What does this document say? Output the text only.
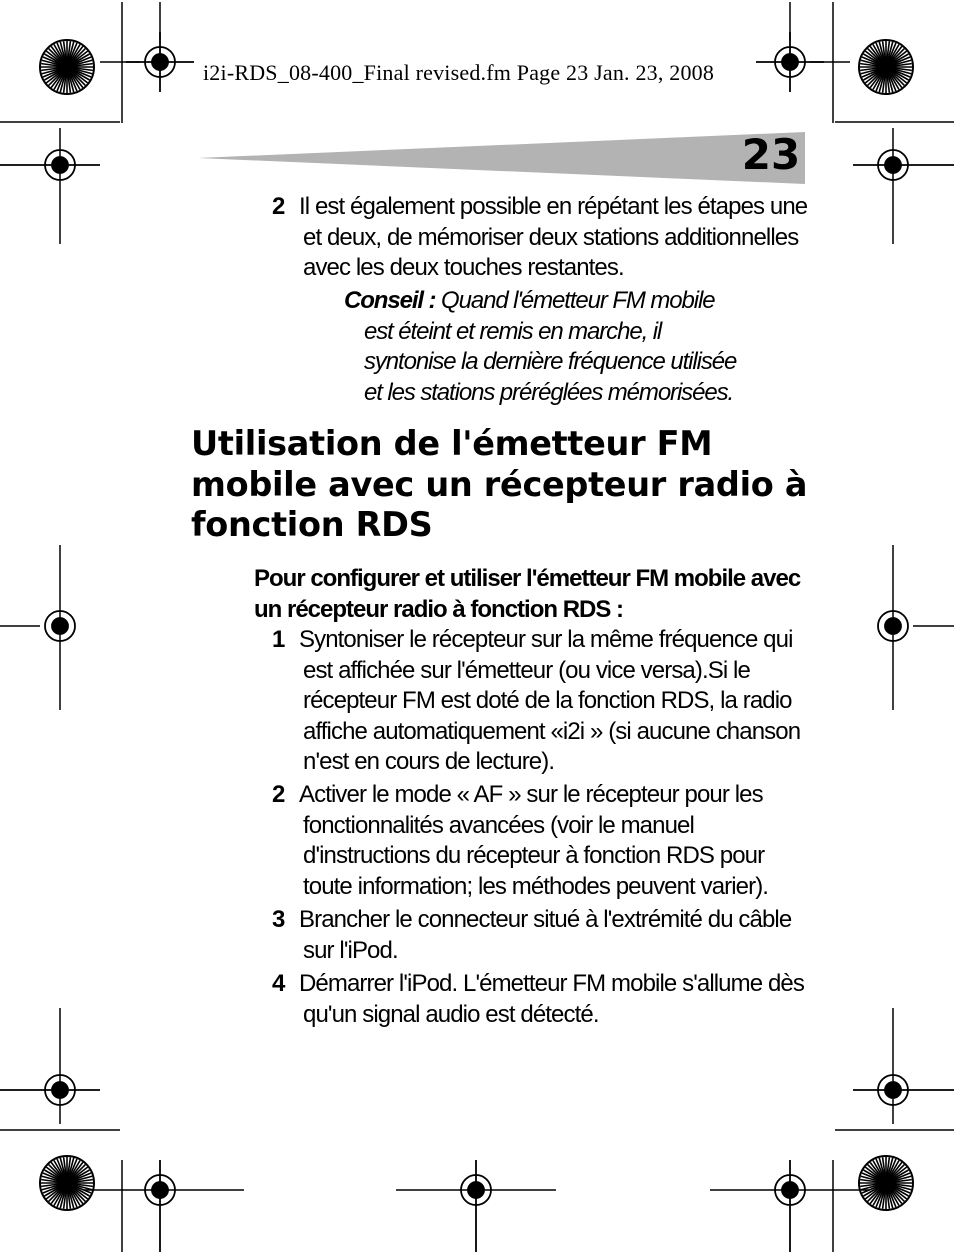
i2i-RDS_08-400_Final revised.fm Page 23 Jan. 23, 2008
23
2 Il est également possible en répétant les étapes une et deux, de mémoriser deux stations additionnelles avec les deux touches restantes.
Conseil : Quand l'émetteur FM mobile est éteint et remis en marche, il syntonise la dernière fréquence utilisée et les stations préréglées mémorisées.
Utilisation de l'émetteur FM mobile avec un récepteur radio à fonction RDS
Pour configurer et utiliser l'émetteur FM mobile avec un récepteur radio à fonction RDS :
1 Syntoniser le récepteur sur la même fréquence qui est affichée sur l'émetteur (ou vice versa).Si le récepteur FM est doté de la fonction RDS, la radio affiche automatiquement «i2i » (si aucune chanson n'est en cours de lecture).
2 Activer le mode « AF » sur le récepteur pour les fonctionnalités avancées (voir le manuel d'instructions du récepteur à fonction RDS pour toute information; les méthodes peuvent varier).
3 Brancher le connecteur situé à l'extrémité du câble sur l'iPod.
4 Démarrer l'iPod. L'émetteur FM mobile s'allume dès qu'un signal audio est détecté.
